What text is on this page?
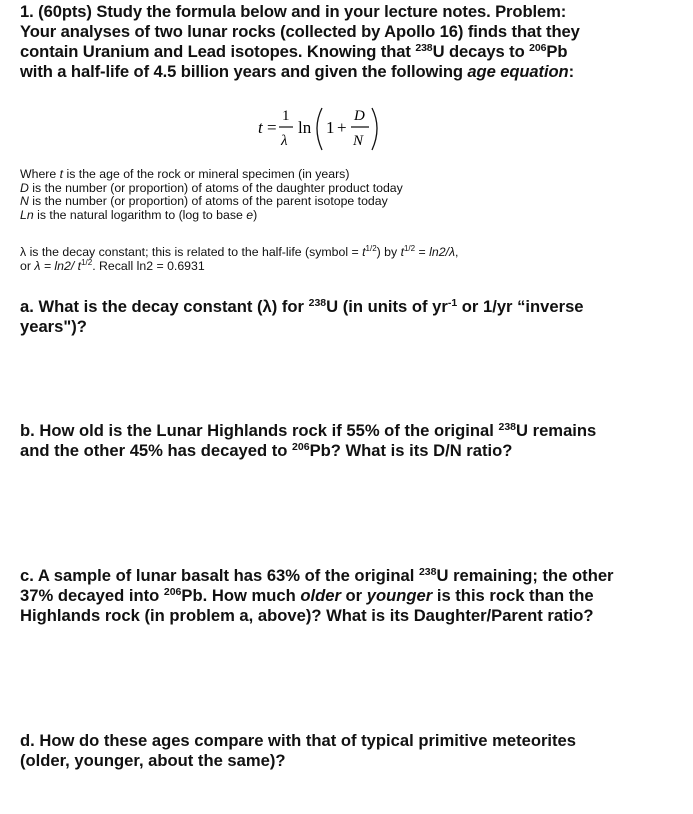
1. (60pts) Study the formula below and in your lecture notes. Problem:
Your analyses of two lunar rocks (collected by Apollo 16) finds that they
contain Uranium and Lead isotopes. Knowing that $^{238}$U decays to $^{206}$Pb
with a half-life of 4.5 billion years and given the following age equation:
t =
1
λ
ln 1 +
D
N
Where t is the age of the rock or mineral specimen (in years)
D is the number (or proportion) of atoms of the daughter product today
N is the number (or proportion) of atoms of the parent isotope today
Ln is the natural logarithm to (log to base e)
λ is the decay constant; this is related to the half-life (symbol = $t^{1/2}$) by $t^{1/2} = \ln 2/\lambda$,
or λ = ln2/ $t^{1/2}$. Recall ln2 = 0.6931
a. What is the decay constant (λ) for $^{238}$U (in units of $yr^{-1}$ or 1/yr “inverse
years")?
b. How old is the Lunar Highlands rock if 55% of the original $^{238}$U remains
and the other 45% has decayed to $^{206}$Pb? What is its D/N ratio?
c. A sample of lunar basalt has 63% of the original $^{238}$U remaining; the other
37% decayed into $^{206}$Pb. How much older or younger is this rock than the
Highlands rock (in problem a, above)? What is its Daughter/Parent ratio?
d. How do these ages compare with that of typical primitive meteorites
(older, younger, about the same)?
